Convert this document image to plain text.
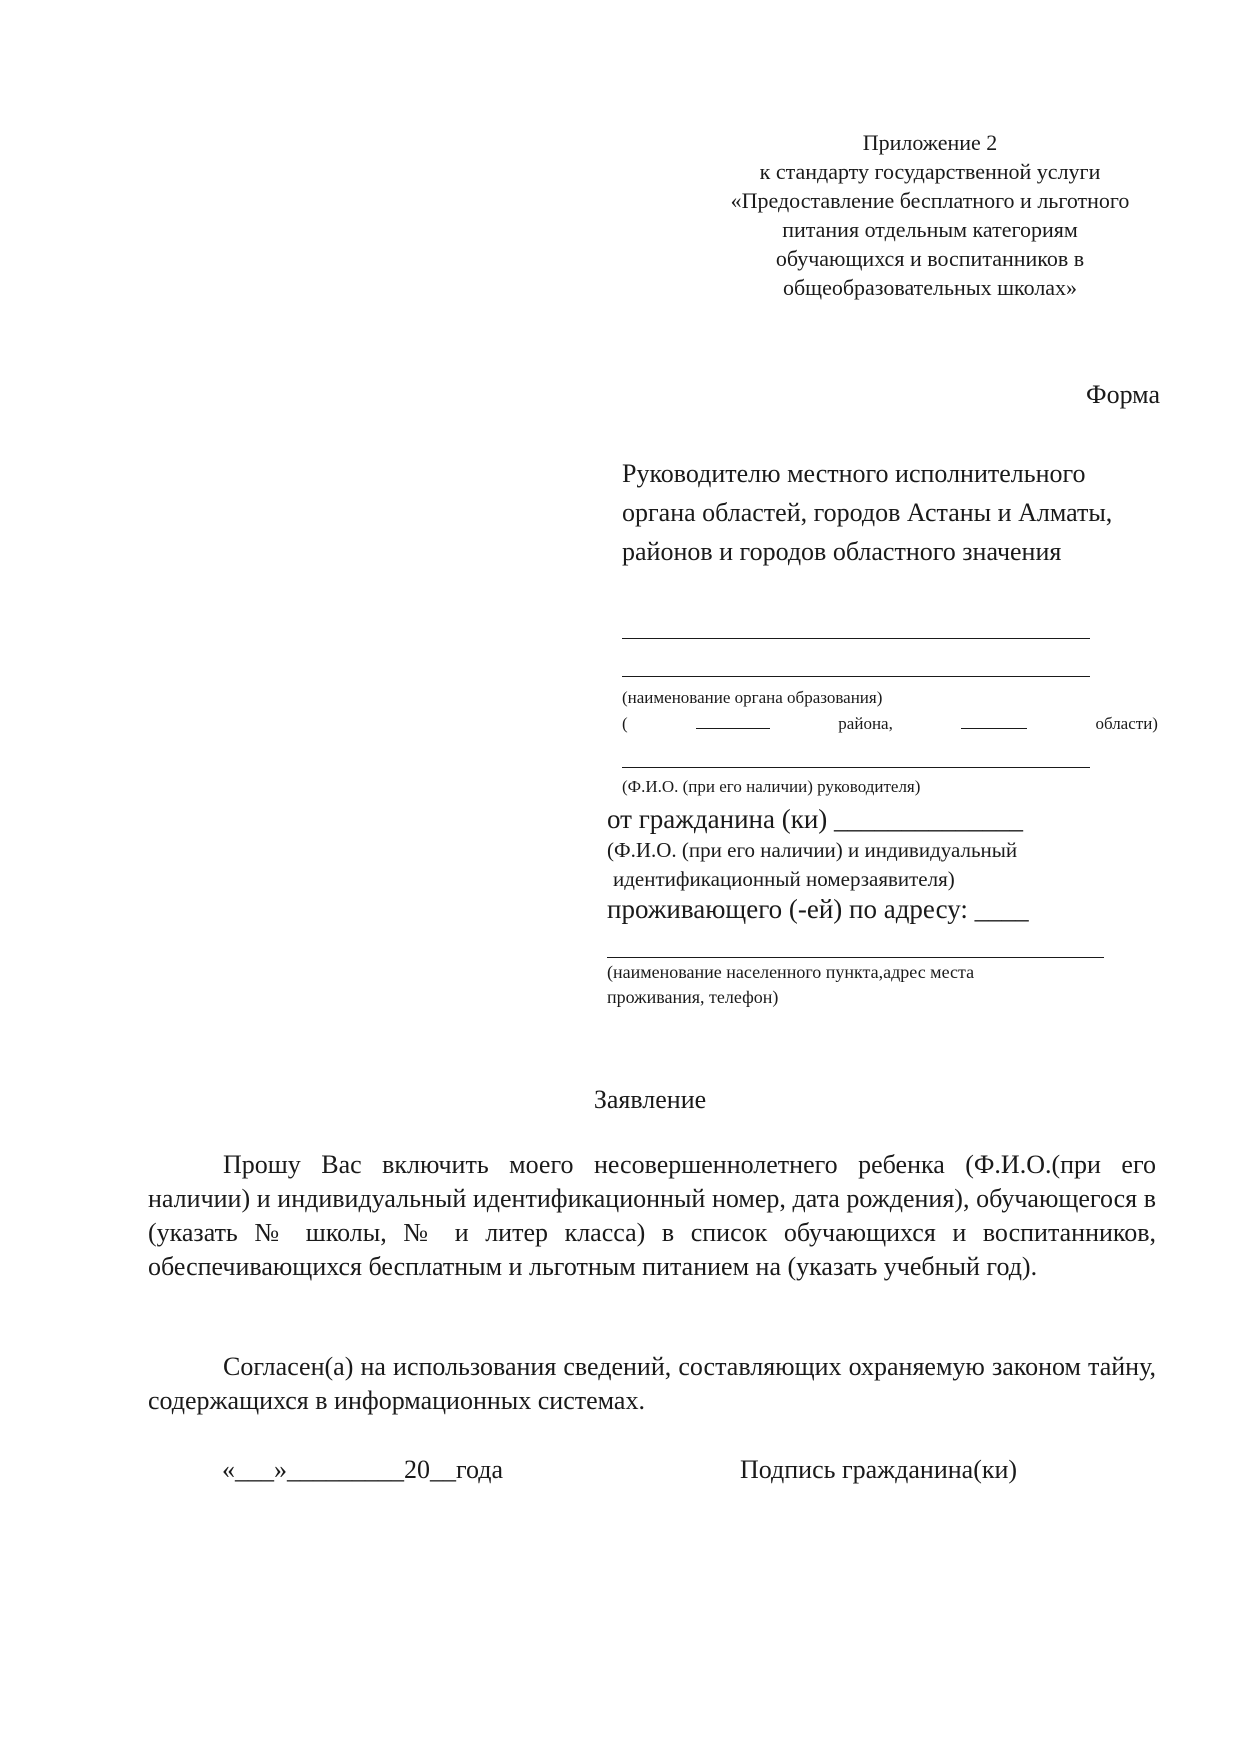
Приложение 2
к стандарту государственной услуги
«Предоставление бесплатного и льготного
питания отдельным категориям
обучающихся и воспитанников в
общеобразовательных школах»
Форма
Руководителю местного исполнительного органа областей, городов Астаны и Алматы, районов и городов областного значения
(наименование органа образования)
(	района,	области)
(Ф.И.О. (при его наличии) руководителя)
от гражданина (ки) ______________
(Ф.И.О. (при его наличии) и индивидуальный
идентификационный номерзаявителя)
проживающего (-ей) по адресу: ____
(наименование населенного пункта,адрес места
проживания, телефон)
Заявление

Прошу Вас включить моего несовершеннолетнего ребенка (Ф.И.О.(при его наличии) и индивидуальный идентификационный номер, дата рождения), обучающегося в (указать № школы, № и литер класса) в список обучающихся и воспитанников, обеспечивающихся бесплатным и льготным питанием на (указать учебный год).

Согласен(а) на использования сведений, составляющих охраняемую законом тайну, содержащихся в информационных системах.

«___»_________20__года	Подпись гражданина(ки)
